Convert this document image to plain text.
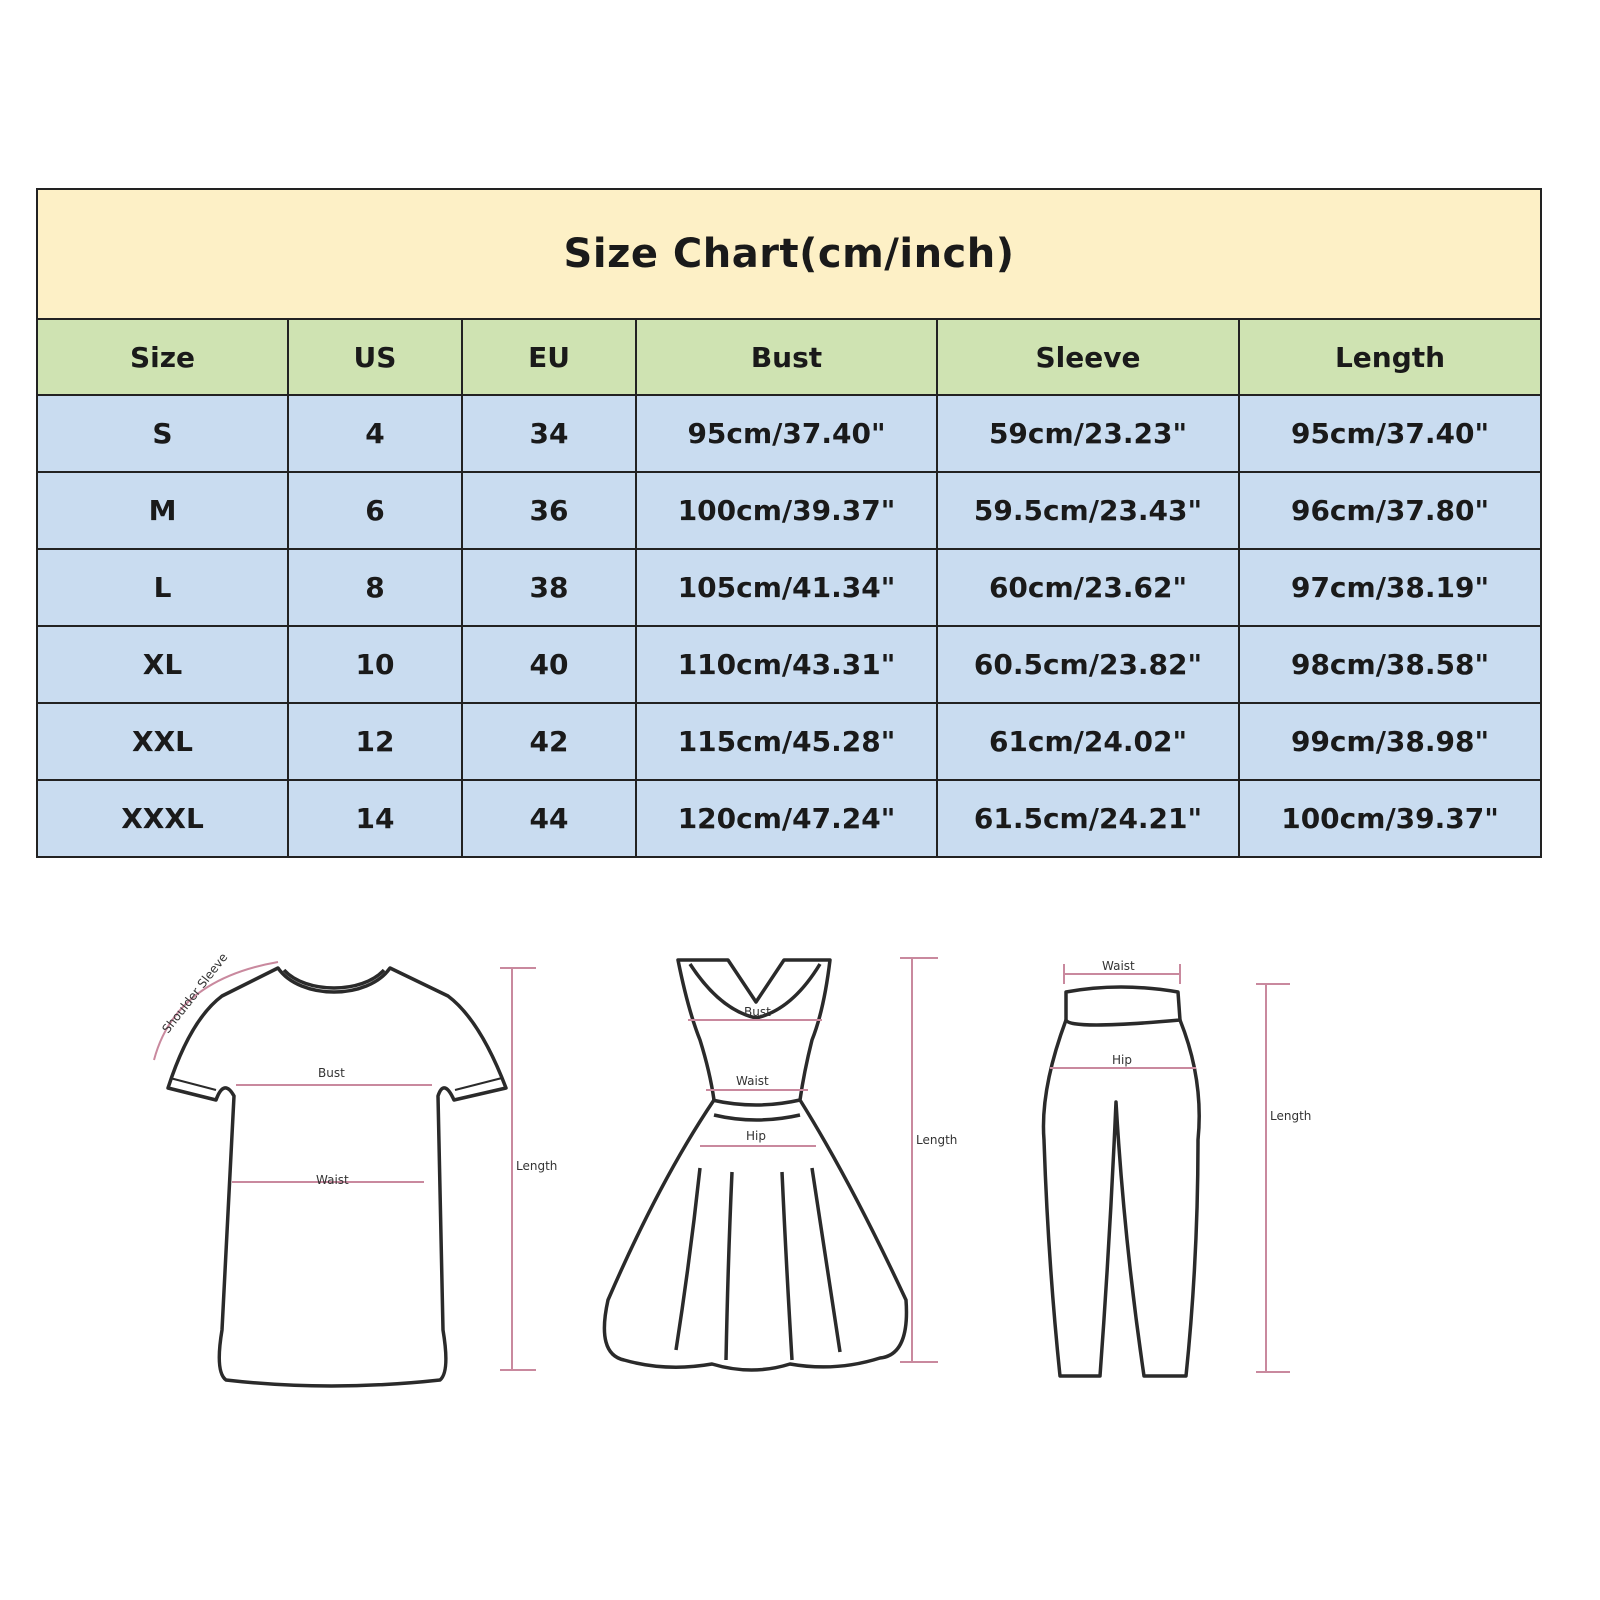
Size Chart(cm/inch)					
Size	US	EU	Bust	Sleeve	Length
S	4	34	95cm/37.40"	59cm/23.23"	95cm/37.40"
M	6	36	100cm/39.37"	59.5cm/23.43"	96cm/37.80"
L	8	38	105cm/41.34"	60cm/23.62"	97cm/38.19"
XL	10	40	110cm/43.31"	60.5cm/23.82"	98cm/38.58"
XXL	12	42	115cm/45.28"	61cm/24.02"	99cm/38.98"
XXXL	14	44	120cm/47.24"	61.5cm/24.21"	100cm/39.37"
Shoulder Sleeve
Bust
Waist
Length
Bust
Waist
Hip	Length
Waist
Hip
Length
